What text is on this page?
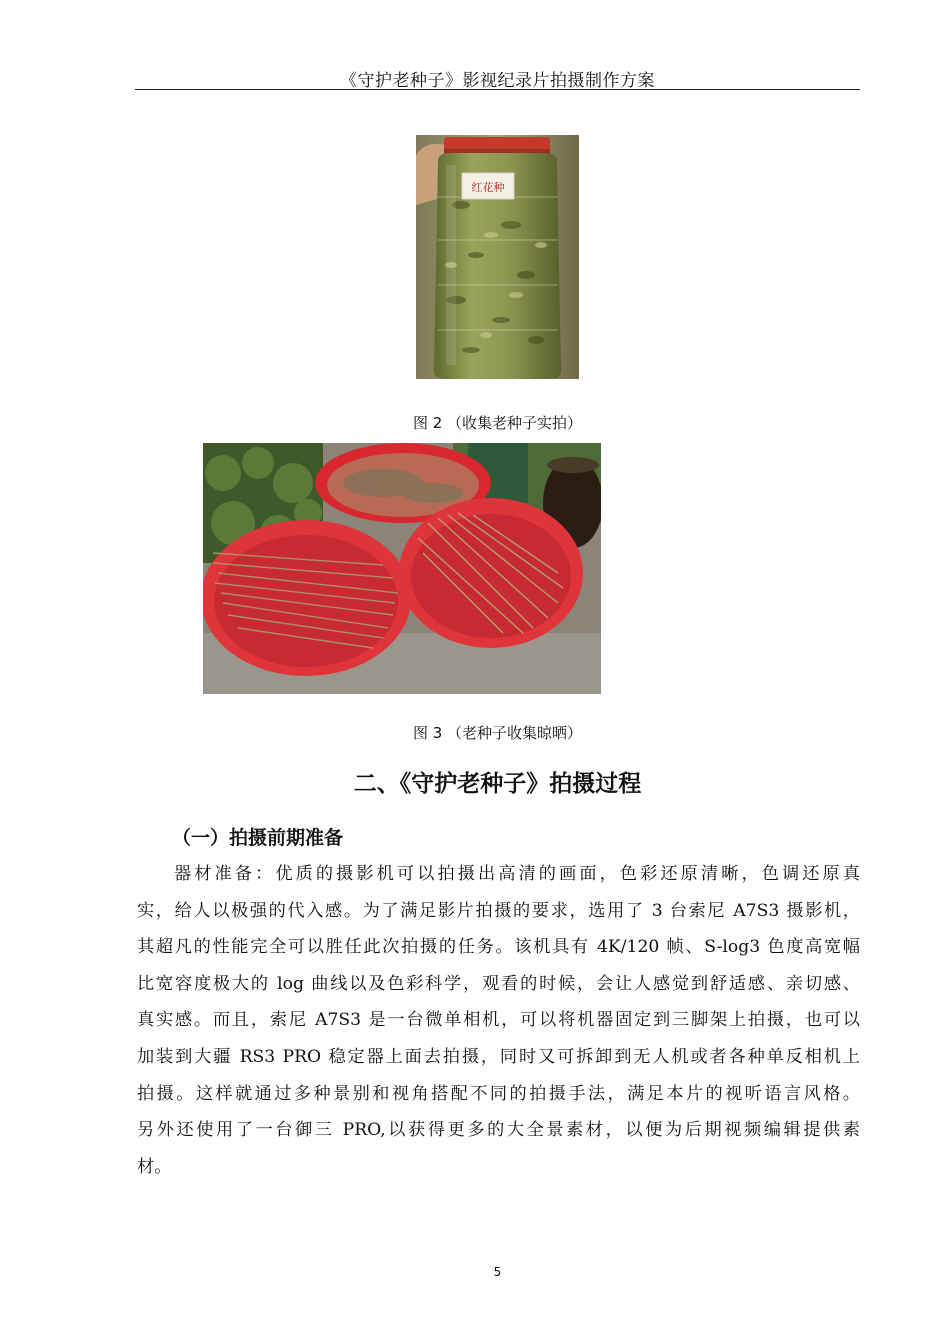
《守护老种子》影视纪录片拍摄制作方案
红花种
图 2 （收集老种子实拍）
图 3 （老种子收集晾晒）
二、《守护老种子》拍摄过程
（一）拍摄前期准备
器材准备：优质的摄影机可以拍摄出高清的画面，色彩还原清晰，色调还原真
实，给人以极强的代入感。为了满足影片拍摄的要求，选用了 3 台索尼 A7S3 摄影机，
其超凡的性能完全可以胜任此次拍摄的任务。该机具有 4K/120 帧、S-log3 色度高宽幅
比宽容度极大的 log 曲线以及色彩科学，观看的时候，会让人感觉到舒适感、亲切感、
真实感。而且，索尼 A7S3 是一台微单相机，可以将机器固定到三脚架上拍摄，也可以
加装到大疆 RS3 PRO 稳定器上面去拍摄，同时又可拆卸到无人机或者各种单反相机上
拍摄。这样就通过多种景别和视角搭配不同的拍摄手法，满足本片的视听语言风格。
另外还使用了一台御三 PRO,以获得更多的大全景素材，以便为后期视频编辑提供素
材。
5
